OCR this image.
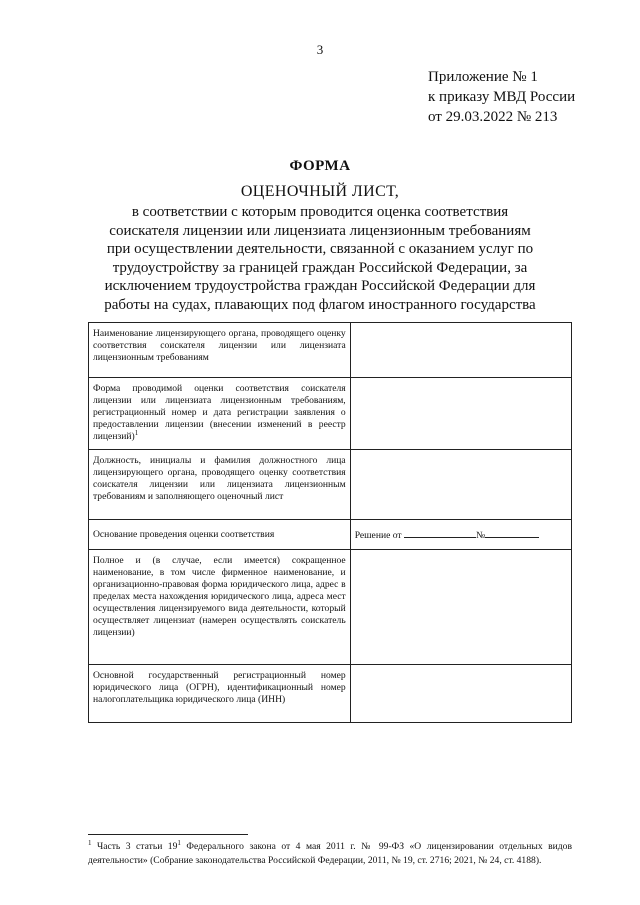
3
Приложение № 1
к приказу МВД России
от 29.03.2022 № 213
ФОРМА
ОЦЕНОЧНЫЙ ЛИСТ,
в соответствии с которым проводится оценка соответствия соискателя лицензии или лицензиата лицензионным требованиям при осуществлении деятельности, связанной с оказанием услуг по трудоустройству за границей граждан Российской Федерации, за исключением трудоустройства граждан Российской Федерации для работы на судах, плавающих под флагом иностранного государства
Наименование лицензирующего органа, проводящего оценку соответствия соискателя лицензии или лицензиата лицензионным требованиям	
Форма проводимой оценки соответствия соискателя лицензии или лицензиата лицензионным требованиям, регистрационный номер и дата регистрации заявления о предоставлении лицензии (внесении изменений в реестр лицензий)$^1$	
Должность, инициалы и фамилия должностного лица лицензирующего органа, проводящего оценку соответствия соискателя лицензии или лицензиата лицензионным требованиям и заполняющего оценочный лист	
Основание проведения оценки соответствия	Решение от №
Полное и (в случае, если имеется) сокращенное наименование, в том числе фирменное наименование, и организационно-правовая форма юридического лица, адрес в пределах места нахождения юридического лица, адреса мест осуществления лицензируемого вида деятельности, который осуществляет лицензиат (намерен осуществлять соискатель лицензии)	
Основной государственный регистрационный номер юридического лица (ОГРН), идентификационный номер налогоплательщика юридического лица (ИНН)	
$^1$ Часть 3 статьи $19^1$ Федерального закона от 4 мая 2011 г. № 99-ФЗ «О лицензировании отдельных видов деятельности» (Собрание законодательства Российской Федерации, 2011, № 19, ст. 2716; 2021, № 24, ст. 4188).
